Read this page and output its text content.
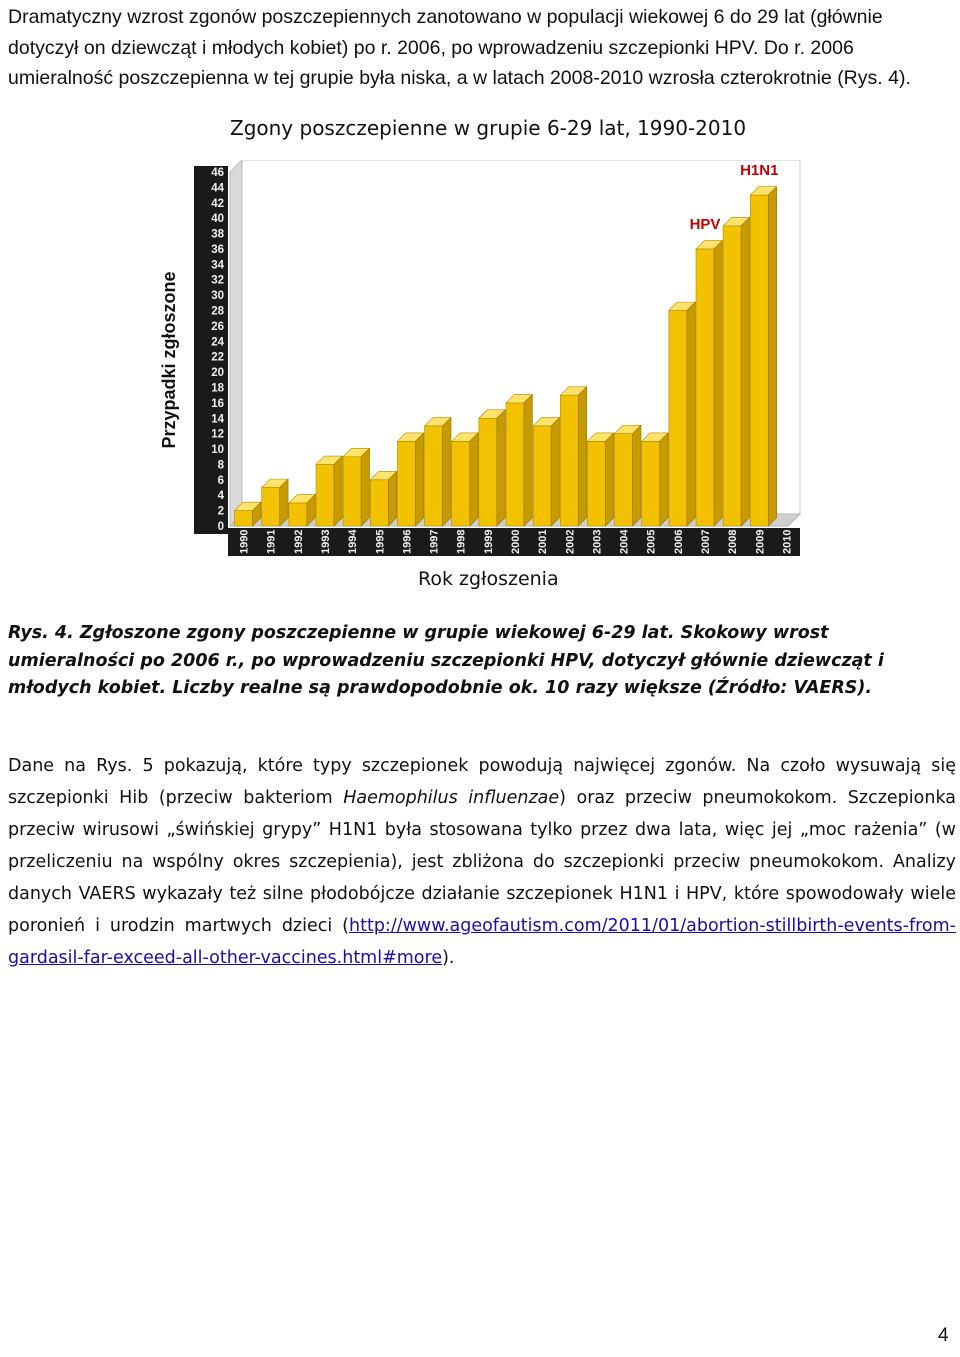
Dramatyczny wzrost zgonów poszczepiennych zanotowano w populacji wiekowej 6 do 29 lat (głównie dotyczył on dziewcząt i młodych kobiet) po r. 2006, po wprowadzeniu szczepionki HPV. Do r. 2006 umieralność poszczepienna w tej grupie była niska, a w latach 2008-2010 wzrosła czterokrotnie (Rys. 4).
Zgony poszczepienne w grupie 6-29 lat, 1990-2010
0
2
4
6
8
10
12
14
16
18
20
22
24
26
28
30
32
34
36
38
40
42
44
46
1990 1991 1992 1993 1994 1995 1996 1997 1998 1999 2000 2001 2002 2003 2004 2005 2006 2007 2008 2009 2010
HPV
H1N1
Przypadki zgłoszone
Rok zgłoszenia
Rys. 4. Zgłoszone zgony poszczepienne w grupie wiekowej 6-29 lat. Skokowy wrost umieralności po 2006 r., po wprowadzeniu szczepionki HPV, dotyczył głównie dziewcząt i młodych kobiet. Liczby realne są prawdopodobnie ok. 10 razy większe (Źródło: VAERS).
Dane na Rys. 5 pokazują, które typy szczepionek powodują najwięcej zgonów. Na czoło wysuwają się szczepionki Hib (przeciw bakteriom Haemophilus influenzae) oraz przeciw pneumokokom. Szczepionka przeciw wirusowi „świńskiej grypy” H1N1 była stosowana tylko przez dwa lata, więc jej „moc rażenia” (w przeliczeniu na wspólny okres szczepienia), jest zbliżona do szczepionki przeciw pneumokokom. Analizy danych VAERS wykazały też silne płodobójcze działanie szczepionek H1N1 i HPV, które spowodowały wiele poronień i urodzin martwych dzieci (http://www.ageofautism.com/2011/01/abortion-stillbirth-events-from-gardasil-far-exceed-all-other-vaccines.html#more).
4
